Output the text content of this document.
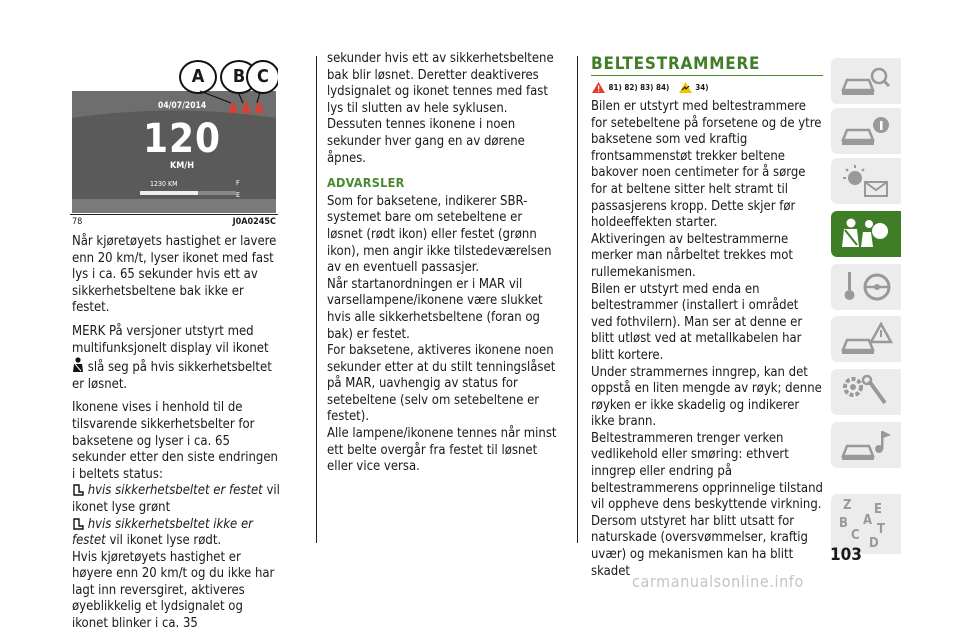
A	B C
04/07/2014
120
KM/H
1230 KM	F
E
78	J0A0245C

Når kjøretøyets hastighet er lavere enn 20 km/t, lyser ikonet med fast lys i ca. 65 sekunder hvis ett av sikkerhetsbeltene bak ikke er festet.

MERK På versjoner utstyrt med multifunksjonelt display vil ikonet  slå seg på hvis sikkerhetsbeltet er løsnet.

Ikonene vises i henhold til de tilsvarende sikkerhetsbelter for baksetene og lyser i ca. 65 sekunder etter den siste endringen i beltets status:

hvis sikkerhetsbeltet er festet vil ikonet lyse grønt

hvis sikkerhetsbeltet ikke er festet vil ikonet lyse rødt.

Hvis kjøretøyets hastighet er høyere enn 20 km/t og du ikke har lagt inn reversgiret, aktiveres øyeblikkelig et lydsignalet og ikonet blinker i ca. 35

sekunder hvis ett av sikkerhetsbeltene bak blir løsnet. Deretter deaktiveres lydsignalet og ikonet tennes med fast lys til slutten av hele syklusen.

Dessuten tennes ikonene i noen sekunder hver gang en av dørene åpnes.

ADVARSLER

Som for baksetene, indikerer SBR-systemet bare om setebeltene er løsnet (rødt ikon) eller festet (grønn ikon), men angir ikke tilstedeværelsen av en eventuell passasjer.

Når startanordningen er i MAR vil varsellampene/ikonene være slukket hvis alle sikkerhetsbeltene (foran og bak) er festet.

For baksetene, aktiveres ikonene noen sekunder etter at du stilt tenningslåset på MAR, uavhengig av status for setebeltene (selv om setebeltene er festet).

Alle lampene/ikonene tennes når minst ett belte overgår fra festet til løsnet eller vice versa.

BELTESTRAMMERE
81) 82) 83) 84)	34)

Bilen er utstyrt med beltestrammere for setebeltene på forsetene og de ytre baksetene som ved kraftig frontsammenstøt trekker beltene bakover noen centimeter for å sørge for at beltene sitter helt stramt til passasjerens kropp. Dette skjer før holdeeffekten starter.

Aktiveringen av beltestrammerne merker man nårbeltet trekkes mot rullemekanismen.

Bilen er utstyrt med enda en beltestrammer (installert i området ved fothvilern). Man ser at denne er blitt utløst ved at metallkabelen har blitt kortere.

Under strammernes inngrep, kan det oppstå en liten mengde av røyk; denne røyken er ikke skadelig og indikerer ikke brann.

Beltestrammeren trenger verken vedlikehold eller smøring: ethvert inngrep eller endring på beltestrammerens opprinnelige tilstand vil oppheve dens beskyttende virkning.

Dersom utstyret har blitt utsatt for naturskade (oversvømmelser, kraftig uvær) og mekanismen kan ha blitt skadet

Z E
B A
C T
D
103
carmanualsonline.info
